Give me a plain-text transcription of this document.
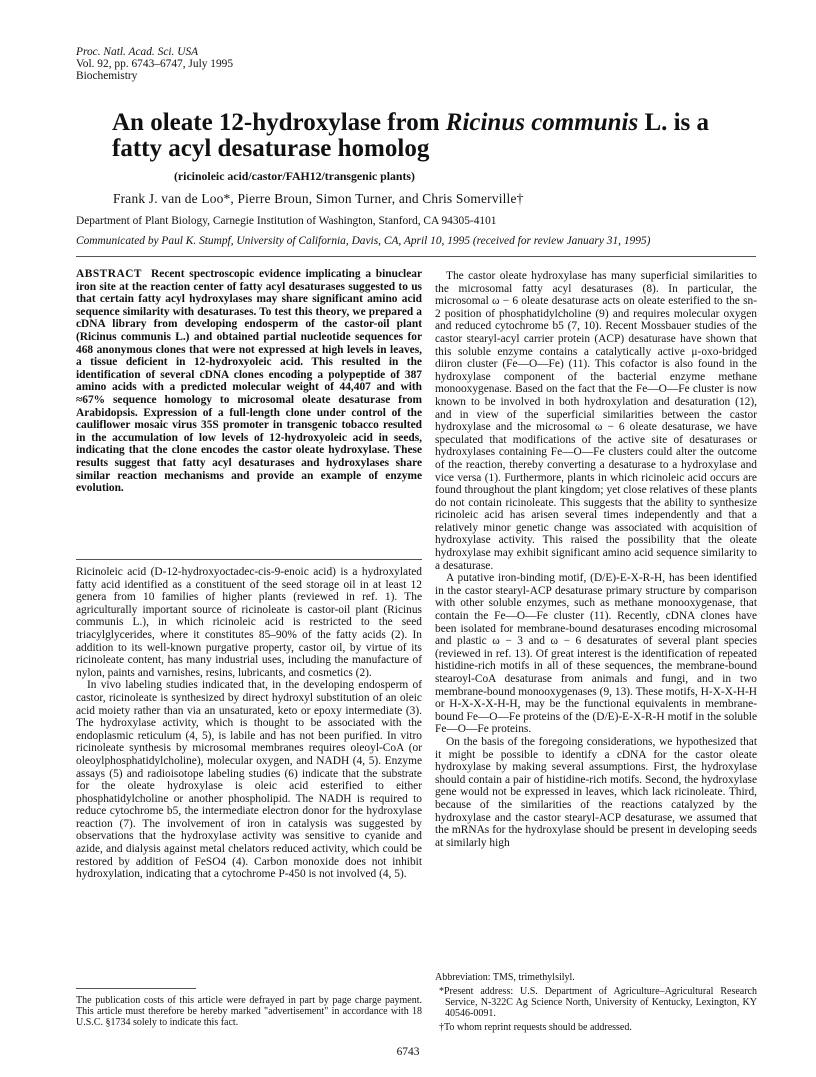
Proc. Natl. Acad. Sci. USA
Vol. 92, pp. 6743–6747, July 1995
Biochemistry
An oleate 12-hydroxylase from Ricinus communis L. is a fatty acyl desaturase homolog
(ricinoleic acid/castor/FAH12/transgenic plants)
Frank J. van de Loo*, Pierre Broun, Simon Turner, and Chris Somerville†
Department of Plant Biology, Carnegie Institution of Washington, Stanford, CA 94305-4101
Communicated by Paul K. Stumpf, University of California, Davis, CA, April 10, 1995 (received for review January 31, 1995)

ABSTRACT Recent spectroscopic evidence implicating a binuclear iron site at the reaction center of fatty acyl desaturases suggested to us that certain fatty acyl hydroxylases may share significant amino acid sequence similarity with desaturases. To test this theory, we prepared a cDNA library from developing endosperm of the castor-oil plant (Ricinus communis L.) and obtained partial nucleotide sequences for 468 anonymous clones that were not expressed at high levels in leaves, a tissue deficient in 12-hydroxyoleic acid. This resulted in the identification of several cDNA clones encoding a polypeptide of 387 amino acids with a predicted molecular weight of 44,407 and with ≈67% sequence homology to microsomal oleate desaturase from Arabidopsis. Expression of a full-length clone under control of the cauliflower mosaic virus 35S promoter in transgenic tobacco resulted in the accumulation of low levels of 12-hydroxyoleic acid in seeds, indicating that the clone encodes the castor oleate hydroxylase. These results suggest that fatty acyl desaturases and hydroxylases share similar reaction mechanisms and provide an example of enzyme evolution.

Ricinoleic acid (D-12-hydroxyoctadec-cis-9-enoic acid) is a hydroxylated fatty acid identified as a constituent of the seed storage oil in at least 12 genera from 10 families of higher plants (reviewed in ref. 1). The agriculturally important source of ricinoleate is castor-oil plant (Ricinus communis L.), in which ricinoleic acid is restricted to the seed triacylglycerides, where it constitutes 85–90% of the fatty acids (2). In addition to its well-known purgative property, castor oil, by virtue of its ricinoleate content, has many industrial uses, including the manufacture of nylon, paints and varnishes, resins, lubricants, and cosmetics (2).

In vivo labeling studies indicated that, in the developing endosperm of castor, ricinoleate is synthesized by direct hydroxyl substitution of an oleic acid moiety rather than via an unsaturated, keto or epoxy intermediate (3). The hydroxylase activity, which is thought to be associated with the endoplasmic reticulum (4, 5), is labile and has not been purified. In vitro ricinoleate synthesis by microsomal membranes requires oleoyl-CoA (or oleoylphosphatidylcholine), molecular oxygen, and NADH (4, 5). Enzyme assays (5) and radioisotope labeling studies (6) indicate that the substrate for the oleate hydroxylase is oleic acid esterified to either phosphatidylcholine or another phospholipid. The NADH is required to reduce cytochrome b5, the intermediate electron donor for the hydroxylase reaction (7). The involvement of iron in catalysis was suggested by observations that the hydroxylase activity was sensitive to cyanide and azide, and dialysis against metal chelators reduced activity, which could be restored by addition of FeSO4 (4). Carbon monoxide does not inhibit hydroxylation, indicating that a cytochrome P-450 is not involved (4, 5).

The publication costs of this article were defrayed in part by page charge payment. This article must therefore be hereby marked "advertisement" in accordance with 18 U.S.C. §1734 solely to indicate this fact.

The castor oleate hydroxylase has many superficial similarities to the microsomal fatty acyl desaturases (8). In particular, the microsomal ω − 6 oleate desaturase acts on oleate esterified to the sn-2 position of phosphatidylcholine (9) and requires molecular oxygen and reduced cytochrome b5 (7, 10). Recent Mossbauer studies of the castor stearyl-acyl carrier protein (ACP) desaturase have shown that this soluble enzyme contains a catalytically active μ-oxo-bridged diiron cluster (Fe—O—Fe) (11). This cofactor is also found in the hydroxylase component of the bacterial enzyme methane monooxygenase. Based on the fact that the Fe—O—Fe cluster is now known to be involved in both hydroxylation and desaturation (12), and in view of the superficial similarities between the castor hydroxylase and the microsomal ω − 6 oleate desaturase, we have speculated that modifications of the active site of desaturases or hydroxylases containing Fe—O—Fe clusters could alter the outcome of the reaction, thereby converting a desaturase to a hydroxylase and vice versa (1). Furthermore, plants in which ricinoleic acid occurs are found throughout the plant kingdom; yet close relatives of these plants do not contain ricinoleate. This suggests that the ability to synthesize ricinoleic acid has arisen several times independently and that a relatively minor genetic change was associated with acquisition of hydroxylase activity. This raised the possibility that the oleate hydroxylase may exhibit significant amino acid sequence similarity to a desaturase.

A putative iron-binding motif, (D/E)-E-X-R-H, has been identified in the castor stearyl-ACP desaturase primary structure by comparison with other soluble enzymes, such as methane monooxygenase, that contain the Fe—O—Fe cluster (11). Recently, cDNA clones have been isolated for membrane-bound desaturases encoding microsomal and plastic ω − 3 and ω − 6 desaturates of several plant species (reviewed in ref. 13). Of great interest is the identification of repeated histidine-rich motifs in all of these sequences, the membrane-bound stearoyl-CoA desaturase from animals and fungi, and in two membrane-bound monooxygenases (9, 13). These motifs, H-X-X-H-H or H-X-X-X-H-H, may be the functional equivalents in membrane-bound Fe—O—Fe proteins of the (D/E)-E-X-R-H motif in the soluble Fe—O—Fe proteins.

On the basis of the foregoing considerations, we hypothesized that it might be possible to identify a cDNA for the castor oleate hydroxylase by making several assumptions. First, the hydroxylase should contain a pair of histidine-rich motifs. Second, the hydroxylase gene would not be expressed in leaves, which lack ricinoleate. Third, because of the similarities of the reactions catalyzed by the hydroxylase and the castor stearyl-ACP desaturase, we assumed that the mRNAs for the hydroxylase should be present in developing seeds at similarly high

Abbreviation: TMS, trimethylsilyl.

*Present address: U.S. Department of Agriculture–Agricultural Research Service, N-322C Ag Science North, University of Kentucky, Lexington, KY 40546-0091.

†To whom reprint requests should be addressed.

6743
